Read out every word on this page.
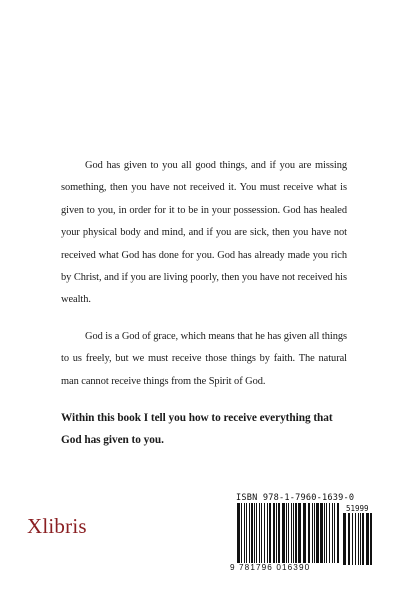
God has given to you all good things, and if you are missing something, then you have not received it. You must receive what is given to you, in order for it to be in your possession. God has healed your physical body and mind, and if you are sick, then you have not received what God has done for you. God has already made you rich by Christ, and if you are living poorly, then you have not received his wealth.

God is a God of grace, which means that he has given all things to us freely, but we must receive those things by faith. The natural man cannot receive things from the Spirit of God.

Within this book I tell you how to receive everything that God has given to you.

Xlibris
ISBN 978-1-7960-1639-0
51999
9 781796 016390
